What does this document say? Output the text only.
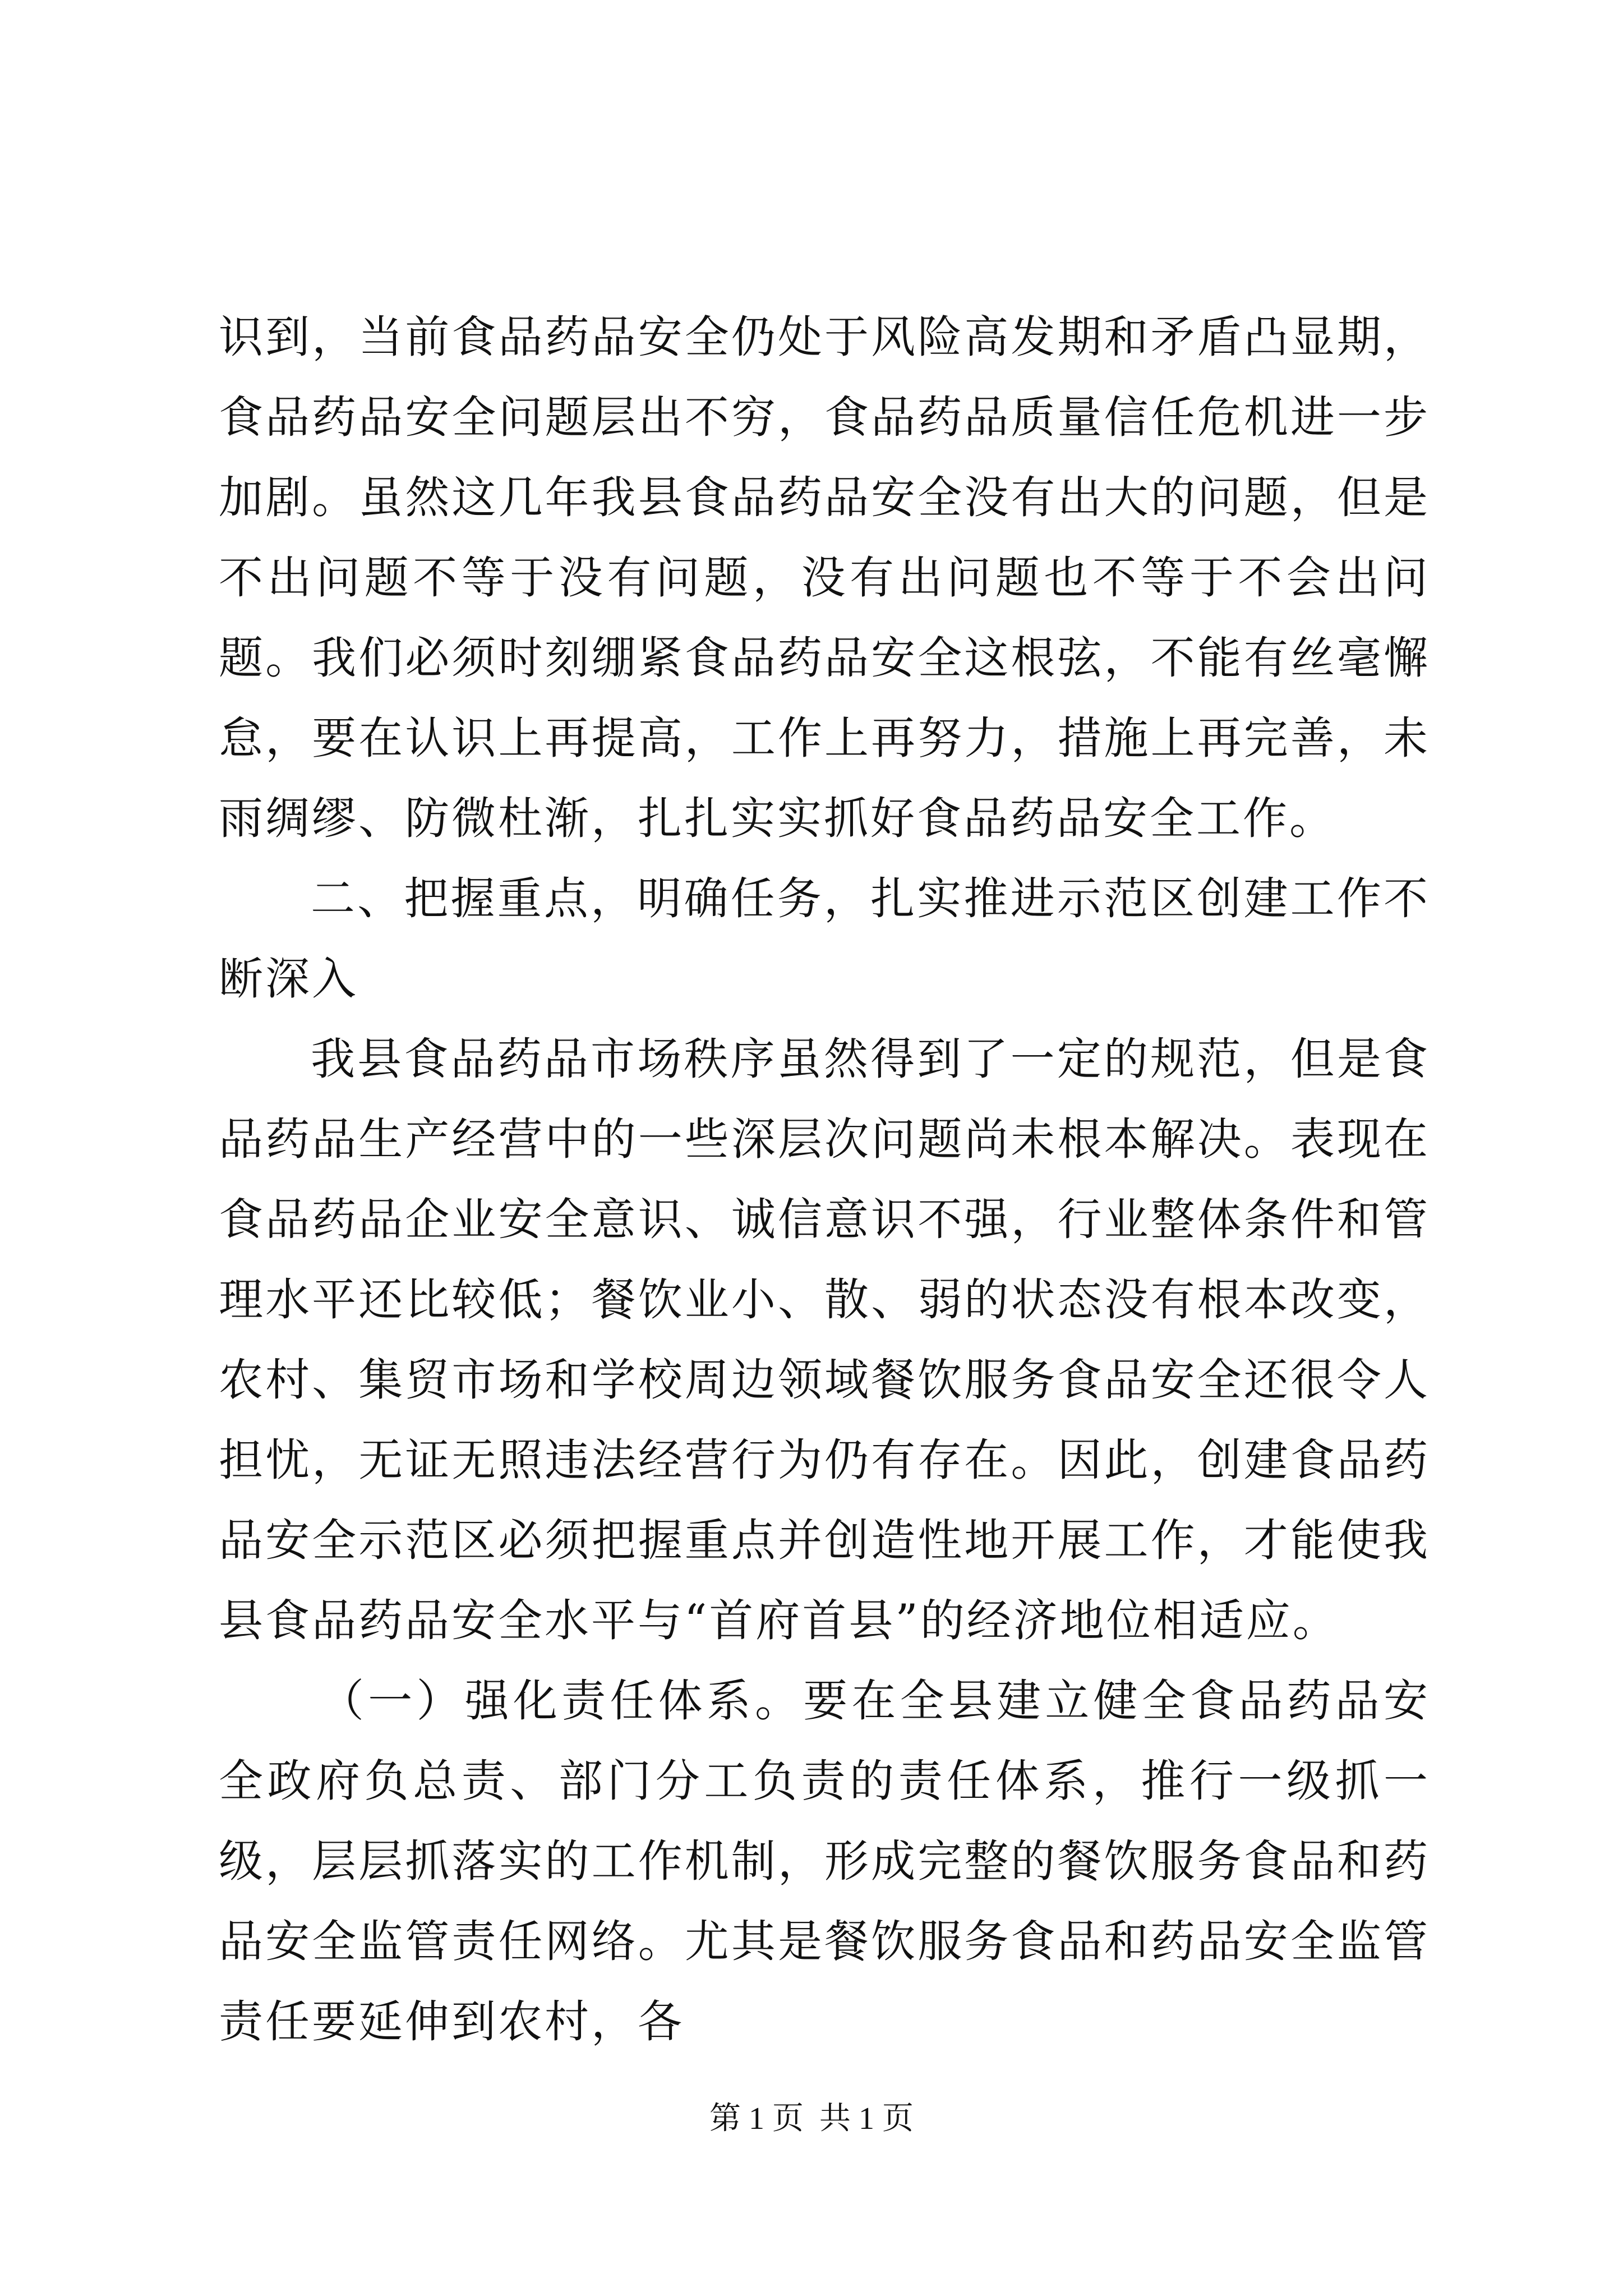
识到，当前食品药品安全仍处于风险高发期和矛盾凸显期，食品药品安全问题层出不穷，食品药品质量信任危机进一步加剧。虽然这几年我县食品药品安全没有出大的问题，但是不出问题不等于没有问题，没有出问题也不等于不会出问题。我们必须时刻绷紧食品药品安全这根弦，不能有丝毫懈怠，要在认识上再提高，工作上再努力，措施上再完善，未雨绸缪、防微杜渐，扎扎实实抓好食品药品安全工作。

二、把握重点，明确任务，扎实推进示范区创建工作不断深入

我县食品药品市场秩序虽然得到了一定的规范，但是食品药品生产经营中的一些深层次问题尚未根本解决。表现在食品药品企业安全意识、诚信意识不强，行业整体条件和管理水平还比较低；餐饮业小、散、弱的状态没有根本改变，农村、集贸市场和学校周边领域餐饮服务食品安全还很令人担忧，无证无照违法经营行为仍有存在。因此，创建食品药品安全示范区必须把握重点并创造性地开展工作，才能使我县食品药品安全水平与“首府首县”的经济地位相适应。

（一）强化责任体系。要在全县建立健全食品药品安全政府负总责、部门分工负责的责任体系，推行一级抓一级，层层抓落实的工作机制，形成完整的餐饮服务食品和药品安全监管责任网络。尤其是餐饮服务食品和药品安全监管责任要延伸到农村，各

第 1 页  共 1 页
